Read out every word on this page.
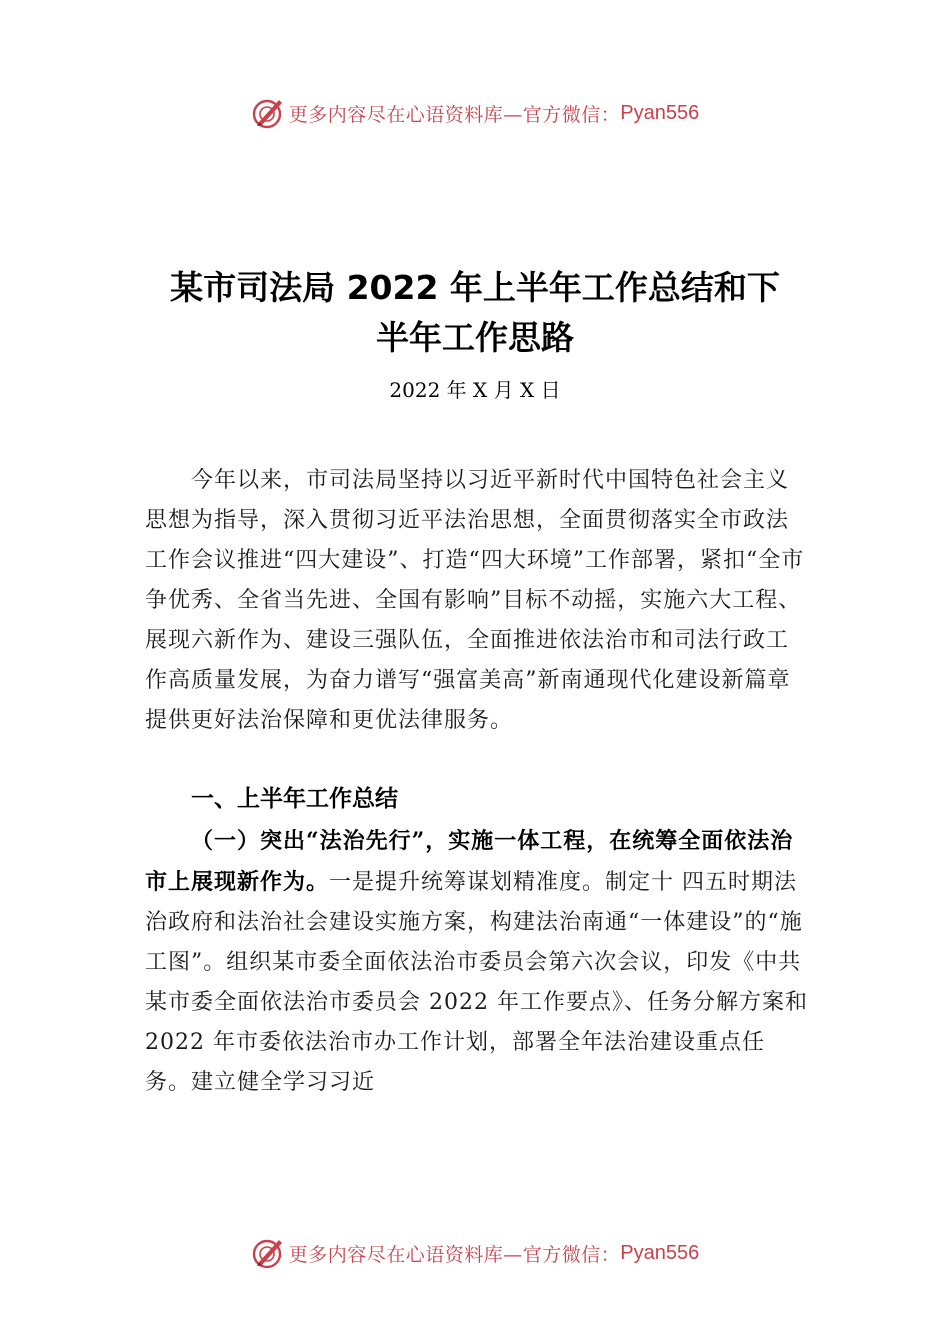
更多内容尽在心语资料库—官方微信： Pyan556
某市司法局 2022 年上半年工作总结和下
半年工作思路
2022 年 X 月 X 日
今年以来，市司法局坚持以习近平新时代中国特色社会主义思想为指导，深入贯彻习近平法治思想，全面贯彻落实全市政法工作会议推进“四大建设”、打造“四大环境”工作部署，紧扣“全市争优秀、全省当先进、全国有影响”目标不动摇，实施六大工程、展现六新作为、建设三强队伍，全面推进依法治市和司法行政工作高质量发展，为奋力谱写“强富美高”新南通现代化建设新篇章提供更好法治保障和更优法律服务。
一、上半年工作总结
（一）突出“法治先行”，实施一体工程，在统筹全面依法治市上展现新作为。一是提升统筹谋划精准度。制定十 四五时期法治政府和法治社会建设实施方案，构建法治南通“一体建设”的“施工图”。组织某市委全面依法治市委员会第六次会议，印发《中共某市委全面依法治市委员会 2022 年工作要点》、任务分解方案和 2022 年市委依法治市办工作计划，部署全年法治建设重点任务。建立健全学习习近
更多内容尽在心语资料库—官方微信： Pyan556
